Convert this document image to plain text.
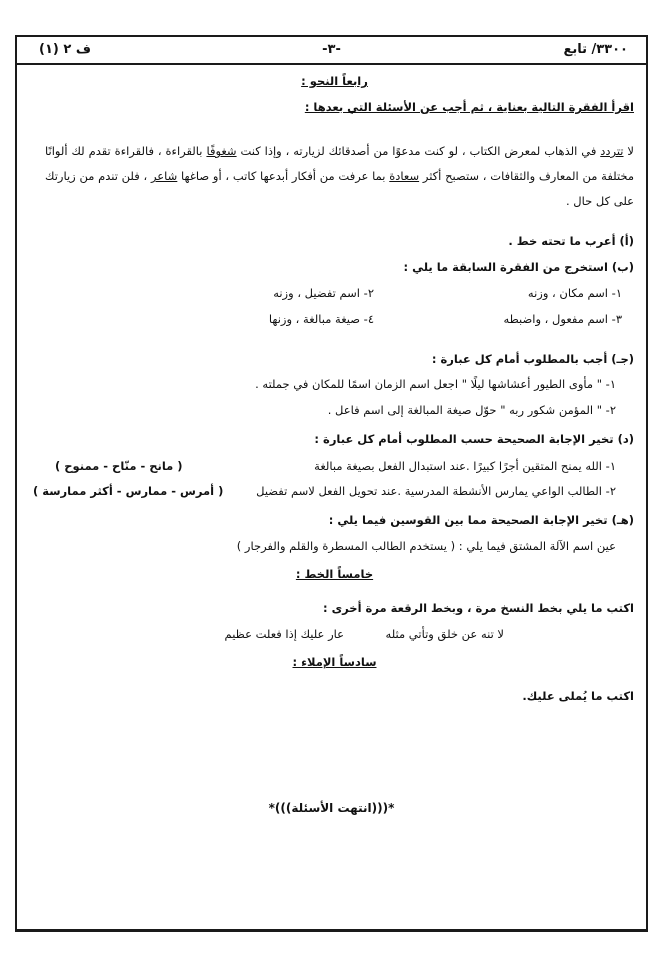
٣٣٠٠/ تابع
-٣-
ف ٢ (١)
رابعاً النحو :
اقرأ الفقرة التالية بعناية ، ثم أجب عن الأسئلة التي بعدها :
لا تتردد في الذهاب لمعرض الكتاب ، لو كنت مدعوًا من أصدقائك لزيارته ، وإذا كنت شغوفًا بالقراءة ، فالقراءة تقدم لك ألوانًا مختلفة من المعارف والثقافات ، ستصبح أكثر سعادة بما عرفت من أفكار أبدعها كاتب ، أو صاغها شاعر ، فلن تندم من زيارتك على كل حال .
(أ) أعرب ما تحته خط .
(ب) استخرج من الفقرة السابقة ما يلي :
١- اسم مكان ، وزنه
٢- اسم تفضيل ، وزنه
٣- اسم مفعول ، واضبطه
٤- صيغة مبالغة ، وزنها
(جـ) أجب بالمطلوب أمام كل عبارة :
١- " مأوى الطيور أعشاشها ليلًا " اجعل اسم الزمان اسمًا للمكان في جملته .
٢- " المؤمن شكور ربه " حوّل صيغة المبالغة إلى اسم فاعل .
(د) تخير الإجابة الصحيحة حسب المطلوب أمام كل عبارة :
١- الله يمنح المتقين أجرًا كبيرًا .عند استبدال الفعل بصيغة مبالغة
( مانح - منّاح - ممنوح )
٢- الطالب الواعي يمارس الأنشطة المدرسية .عند تحويل الفعل لاسم تفضيل
( أمرس - ممارس - أكثر ممارسة )
(هـ) تخير الإجابة الصحيحة مما بين القوسين فيما يلي :
عين اسم الآلة المشتق فيما يلي : ( يستخدم الطالب المسطرة والقلم والفرجار )
خامساً الخط :
اكتب ما يلي بخط النسخ مرة ، وبخط الرقعة مرة أخرى :
لا تنه عن خلق وتأتي مثله
عار عليك إذا فعلت عظيم
سادساً الإملاء :
اكتب ما يُملى عليك.
*(((انتهت الأسئلة)))*
